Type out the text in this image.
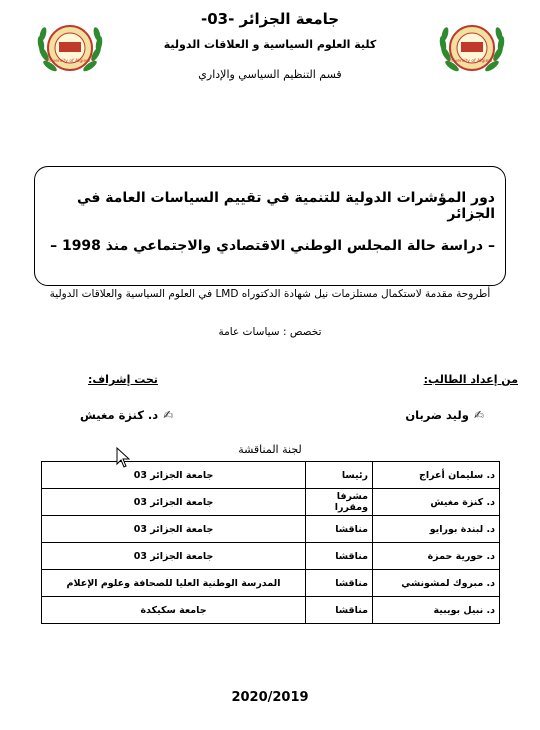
University of Algiers 3	University of Algiers 3
جامعة الجزائر -03-
كلية العلوم السياسية و العلاقات الدولية
قسم التنظيم السياسي والإداري
دور المؤشرات الدولية للتنمية في تقييم السياسات العامة في الجزائر
– دراسة حالة المجلس الوطني الاقتصادي والاجتماعي منذ 1998 –
أطروحة مقدمة لاستكمال مستلزمات نيل شهادة الدكتوراه LMD في العلوم السياسية والعلاقات الدولية
تخصص : سياسات عامة
من إعداد الطالب:
✍ وليد ضربان
تحت إشراف:
✍ د. كنزة مغيش
لجنة المناقشة
د. سليمان أعراج	رئيسا	جامعة الجزائر 03
د. كنزة مغيش	مشرفا ومقررا	جامعة الجزائر 03
د. لبندة بورايو	مناقشا	جامعة الجزائر 03
د. حورية حمزة	مناقشا	جامعة الجزائر 03
د. مبروك لمشونشي	مناقشا	المدرسة الوطنية العليا للصحافة وعلوم الإعلام
د. نبيل بويبية	مناقشا	جامعة سكيكدة
2020/2019
